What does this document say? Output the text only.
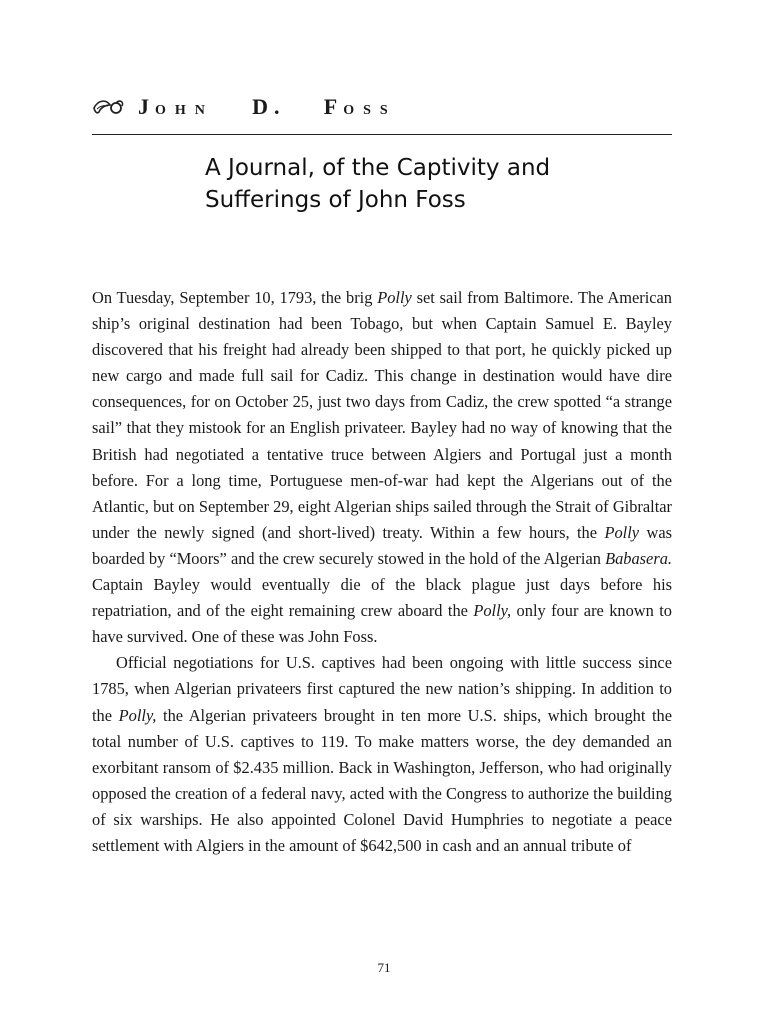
JOHN D. FOSS
A Journal, of the Captivity and
Sufferings of John Foss

On Tuesday, September 10, 1793, the brig Polly set sail from Baltimore. The American ship’s original destination had been Tobago, but when Captain Samuel E. Bayley discovered that his freight had already been shipped to that port, he quickly picked up new cargo and made full sail for Cadiz. This change in destination would have dire consequences, for on October 25, just two days from Cadiz, the crew spotted “a strange sail” that they mistook for an English privateer. Bayley had no way of knowing that the British had negotiated a tentative truce between Algiers and Portugal just a month before. For a long time, Portuguese men-of-war had kept the Algerians out of the Atlantic, but on September 29, eight Algerian ships sailed through the Strait of Gibraltar under the newly signed (and short-lived) treaty. Within a few hours, the Polly was boarded by “Moors” and the crew securely stowed in the hold of the Algerian Babasera. Captain Bayley would eventually die of the black plague just days before his repatriation, and of the eight remaining crew aboard the Polly, only four are known to have survived. One of these was John Foss.

Official negotiations for U.S. captives had been ongoing with little success since 1785, when Algerian privateers first captured the new nation’s shipping. In addition to the Polly, the Algerian privateers brought in ten more U.S. ships, which brought the total number of U.S. captives to 119. To make matters worse, the dey demanded an exorbitant ransom of $2.435 million. Back in Washington, Jefferson, who had originally opposed the creation of a federal navy, acted with the Congress to authorize the building of six warships. He also appointed Colonel David Humphries to negotiate a peace settlement with Algiers in the amount of $642,500 in cash and an annual tribute of

71
